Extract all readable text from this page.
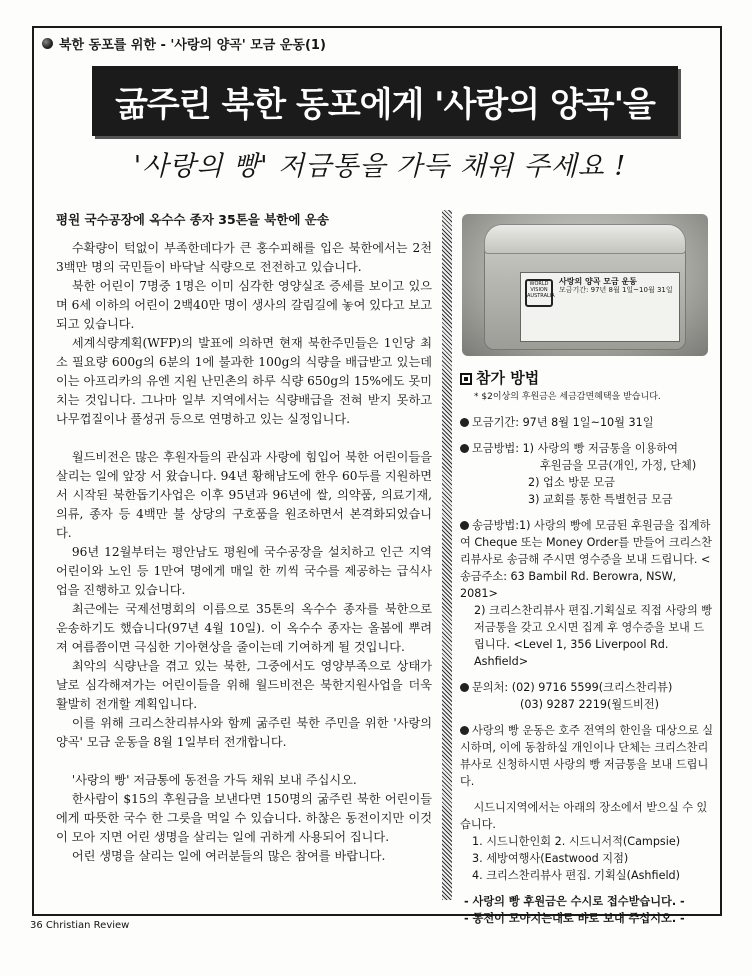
북한 동포를 위한 - '사랑의 양곡' 모금 운동(1)
굶주린 북한 동포에게 '사랑의 양곡'을
'사랑의 빵' 저금통을 가득 채워 주세요 !
평원 국수공장에 옥수수 종자 35톤을 북한에 운송

수확량이 턱없이 부족한데다가 큰 홍수피해를 입은 북한에서는 2천3백만 명의 국민들이 바닥날 식량으로 전전하고 있습니다.

북한 어린이 7명중 1명은 이미 심각한 영양실조 증세를 보이고 있으며 6세 이하의 어린이 2백40만 명이 생사의 갈림길에 놓여 있다고 보고되고 있습니다.

세계식량계획(WFP)의 발표에 의하면 현재 북한주민들은 1인당 최소 필요량 600g의 6분의 1에 불과한 100g의 식량을 배급받고 있는데 이는 아프리카의 유엔 지원 난민촌의 하루 식량 650g의 15%에도 못미치는 것입니다. 그나마 일부 지역에서는 식량배급을 전혀 받지 못하고 나무껍질이나 풀성귀 등으로 연명하고 있는 실정입니다.

월드비전은 많은 후원자들의 관심과 사랑에 힘입어 북한 어린이들을 살리는 일에 앞장 서 왔습니다. 94년 황해남도에 한우 60두를 지원하면서 시작된 북한돕기사업은 이후 95년과 96년에 쌀, 의약품, 의료기재, 의류, 종자 등 4백만 불 상당의 구호품을 원조하면서 본격화되었습니다.

96년 12월부터는 평안남도 평원에 국수공장을 설치하고 인근 지역 어린이와 노인 등 1만여 명에게 매일 한 끼씩 국수를 제공하는 급식사업을 진행하고 있습니다.

최근에는 국제선명회의 이름으로 35톤의 옥수수 종자를 북한으로 운송하기도 했습니다(97년 4월 10일). 이 옥수수 종자는 올봄에 뿌려져 여름쯤이면 극심한 기아현상을 줄이는데 기여하게 될 것입니다.

최악의 식량난을 겪고 있는 북한, 그중에서도 영양부족으로 상태가 날로 심각해져가는 어린이들을 위해 월드비전은 북한지원사업을 더욱 활발히 전개할 계획입니다.

이를 위해 크리스찬리뷰사와 함께 굶주린 북한 주민을 위한 '사랑의 양곡' 모금 운동을 8월 1일부터 전개합니다.

'사랑의 빵' 저금통에 동전을 가득 채워 보내 주십시오.

한사람이 $15의 후원금을 보낸다면 150명의 굶주린 북한 어린이들에게 따뜻한 국수 한 그릇을 먹일 수 있습니다. 하찮은 동전이지만 이것이 모아 지면 어린 생명을 살리는 일에 귀하게 사용되어 집니다.

어린 생명을 살리는 일에 여러분들의 많은 참여를 바랍니다.

WORLD VISION AUSTRALIA
사랑의 양곡 모금 운동
모금기간: 97년 8월 1일~10월 31일
참가 방법
* $2이상의 후원금은 세금감면혜택을 받습니다.
모금기간: 97년 8월 1일~10월 31일
모금방법: 1) 사랑의 빵 저금통을 이용하여
후원금을 모금(개인, 가정, 단체)
2) 업소 방문 모금
3) 교회를 통한 특별헌금 모금
송금방법:1) 사랑의 빵에 모금된 후원금을 집계하여 Cheque 또는 Money Order를 만들어 크리스찬리뷰사로 송금해 주시면 영수증을 보내 드립니다. <송금주소: 63 Bambil Rd. Berowra, NSW, 2081>
2) 크리스찬리뷰사 편집.기획실로 직접 사랑의 빵 저금통을 갖고 오시면 집계 후 영수증을 보내 드립니다. <Level 1, 356 Liverpool Rd. Ashfield>
문의처: (02) 9716 5599(크리스찬리뷰)
(03) 9287 2219(월드비전)
사랑의 빵 운동은 호주 전역의 한인을 대상으로 실시하며, 이에 동참하실 개인이나 단체는 크리스찬리뷰사로 신청하시면 사랑의 빵 저금통을 보내 드립니다.
시드니지역에서는 아래의 장소에서 받으실 수 있습니다.
1. 시드니한인회 2. 시드니서적(Campsie)
3. 세방여행사(Eastwood 지점)
4. 크리스찬리뷰사 편집. 기획실(Ashfield)
- 사랑의 빵 후원금은 수시로 접수받습니다. -
- 동전이 모아지는대로 바로 보내 주십시오. -
36 Christian Review
